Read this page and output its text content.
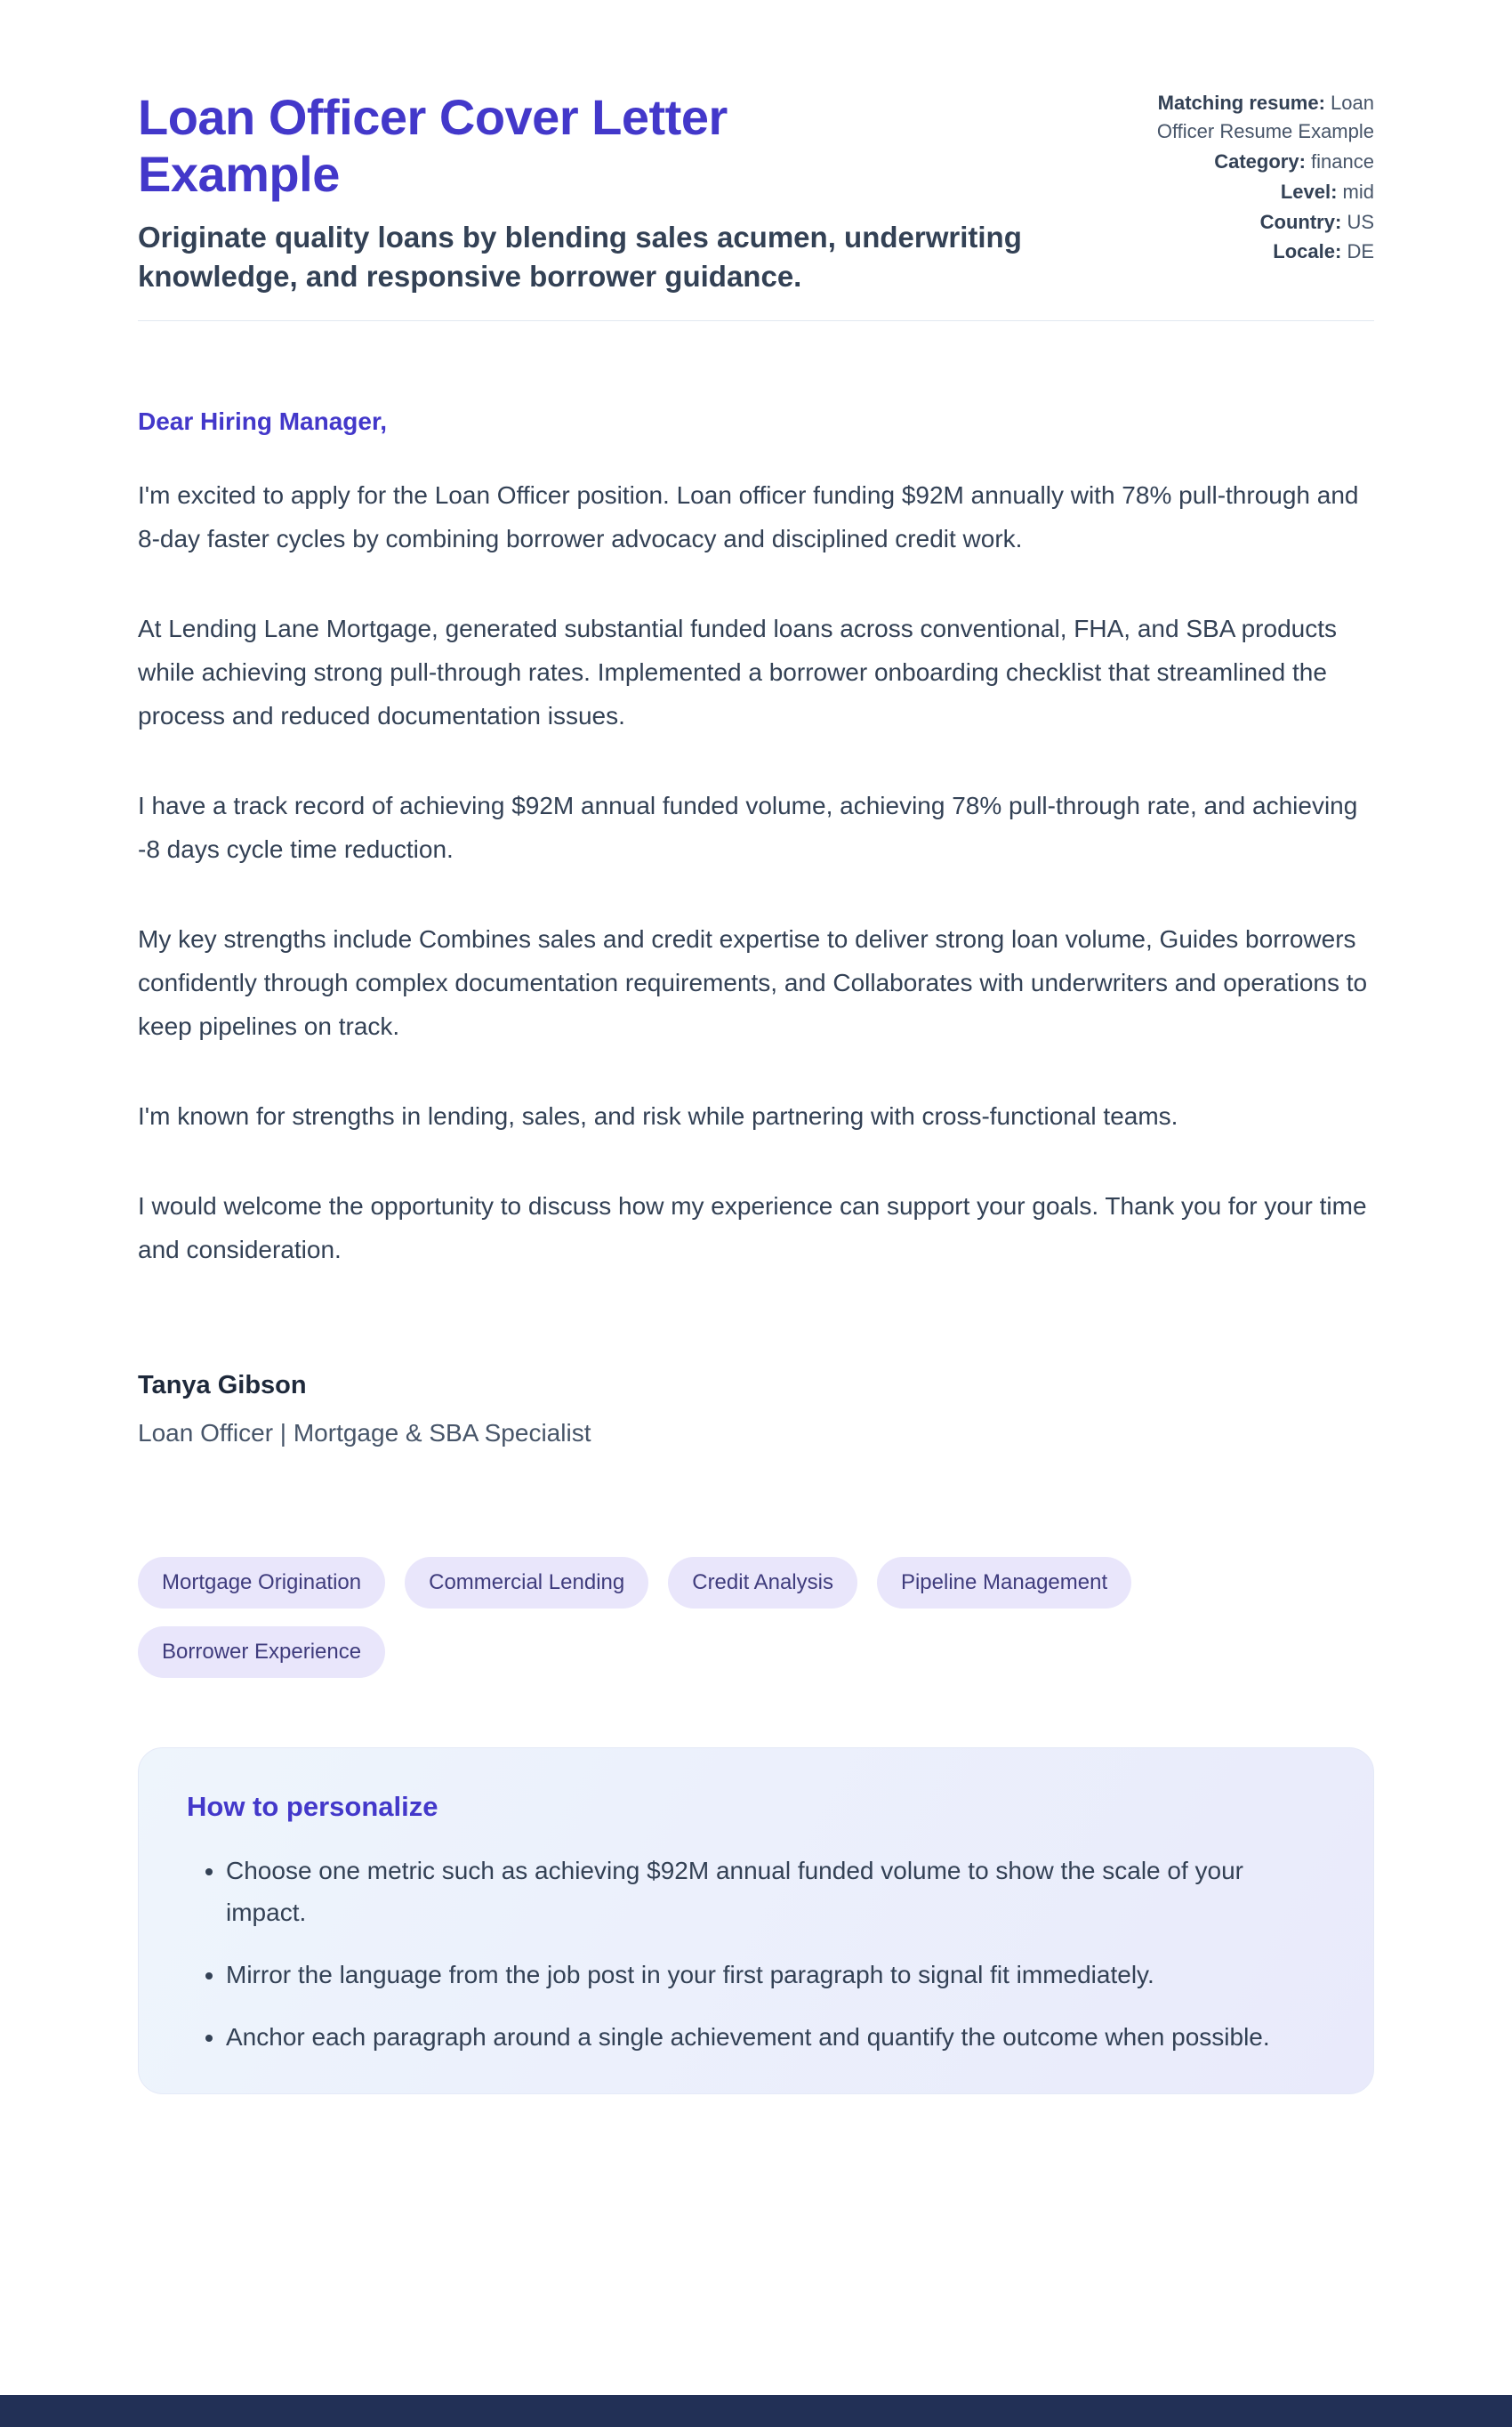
Loan Officer Cover Letter Example

Originate quality loans by blending sales acumen, underwriting knowledge, and responsive borrower guidance.

Matching resume: Loan Officer Resume Example
Category: finance
Level: mid
Country: US
Locale: DE

Dear Hiring Manager,

I'm excited to apply for the Loan Officer position. Loan officer funding $92M annually with 78% pull-through and 8-day faster cycles by combining borrower advocacy and disciplined credit work.

At Lending Lane Mortgage, generated substantial funded loans across conventional, FHA, and SBA products while achieving strong pull-through rates. Implemented a borrower onboarding checklist that streamlined the process and reduced documentation issues.

I have a track record of achieving $92M annual funded volume, achieving 78% pull-through rate, and achieving -8 days cycle time reduction.

My key strengths include Combines sales and credit expertise to deliver strong loan volume, Guides borrowers confidently through complex documentation requirements, and Collaborates with underwriters and operations to keep pipelines on track.

I'm known for strengths in lending, sales, and risk while partnering with cross-functional teams.

I would welcome the opportunity to discuss how my experience can support your goals. Thank you for your time and consideration.

Tanya Gibson

Loan Officer | Mortgage & SBA Specialist

Mortgage Origination	Commercial Lending	Credit Analysis	Pipeline Management
Borrower Experience
How to personalize
• Choose one metric such as achieving $92M annual funded volume to show the scale of your impact.
• Mirror the language from the job post in your first paragraph to signal fit immediately.
• Anchor each paragraph around a single achievement and quantify the outcome when possible.
